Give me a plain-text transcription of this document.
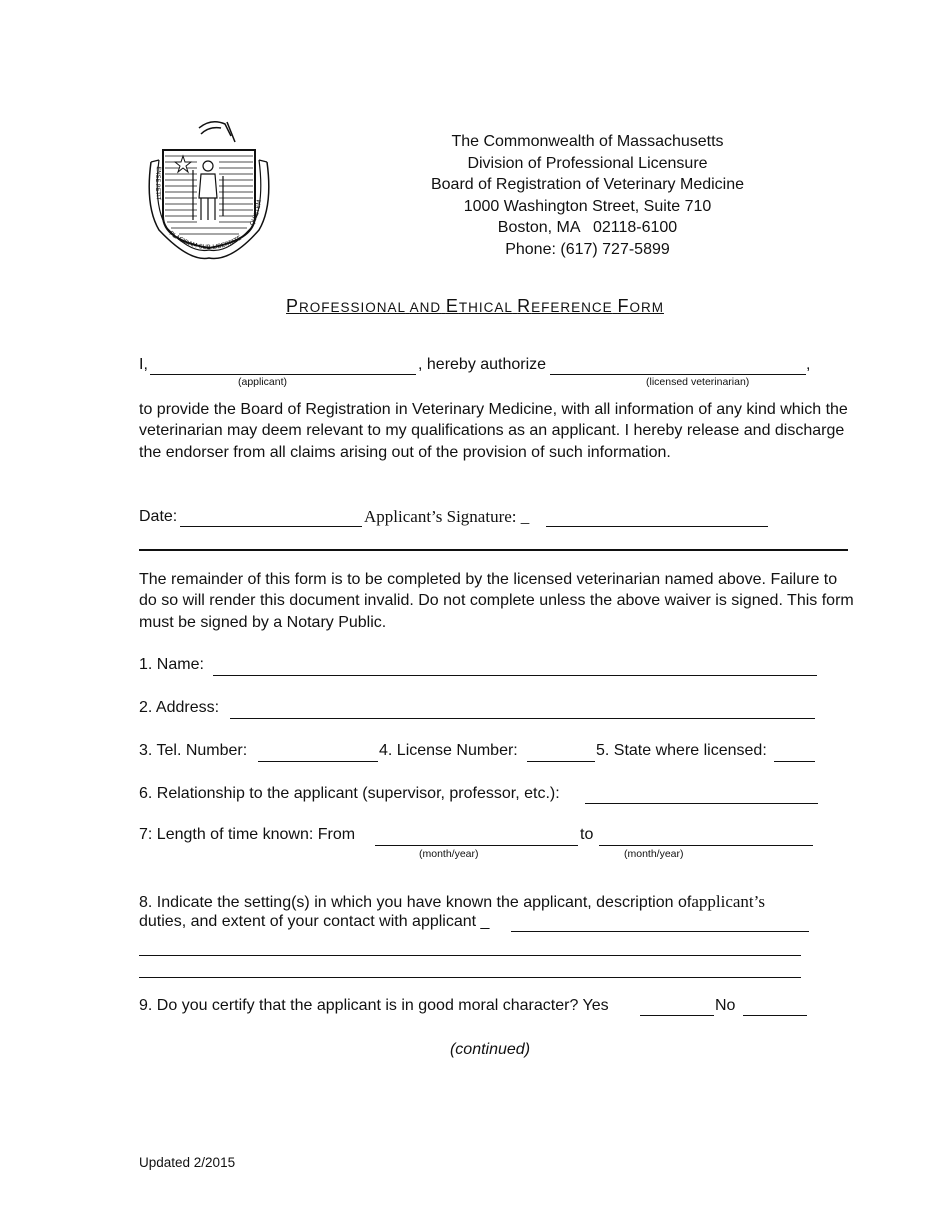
ENSE PETIT
PLACIDAM SUB LIBERTATE
QUIETEM
The Commonwealth of Massachusetts
Division of Professional Licensure
Board of Registration of Veterinary Medicine
1000 Washington Street, Suite 710
Boston, MA   02118-6100
Phone: (617) 727-5899
PROFESSIONAL AND ETHICAL REFERENCE FORM
I,	, hereby authorize	,
(applicant)	(licensed veterinarian)
to provide the Board of Registration in Veterinary Medicine, with all information of any kind which the veterinarian may deem relevant to my qualifications as an applicant. I hereby release and discharge the endorser from all claims arising out of the provision of such information.
Date:	Applicant’s Signature: _
The remainder of this form is to be completed by the licensed veterinarian named above. Failure to do so will render this document invalid. Do not complete unless the above waiver is signed. This form must be signed by a Notary Public.
1. Name:
2. Address:
3. Tel. Number:	4. License Number:	5. State where licensed:
6. Relationship to the applicant (supervisor, professor, etc.):
7: Length of time known: From	to
(month/year)	(month/year)
8. Indicate the setting(s) in which you have known the applicant, description ofapplicant’s
duties, and extent of your contact with applicant _
9. Do you certify that the applicant is in good moral character? Yes	No
(continued)
Updated 2/2015
